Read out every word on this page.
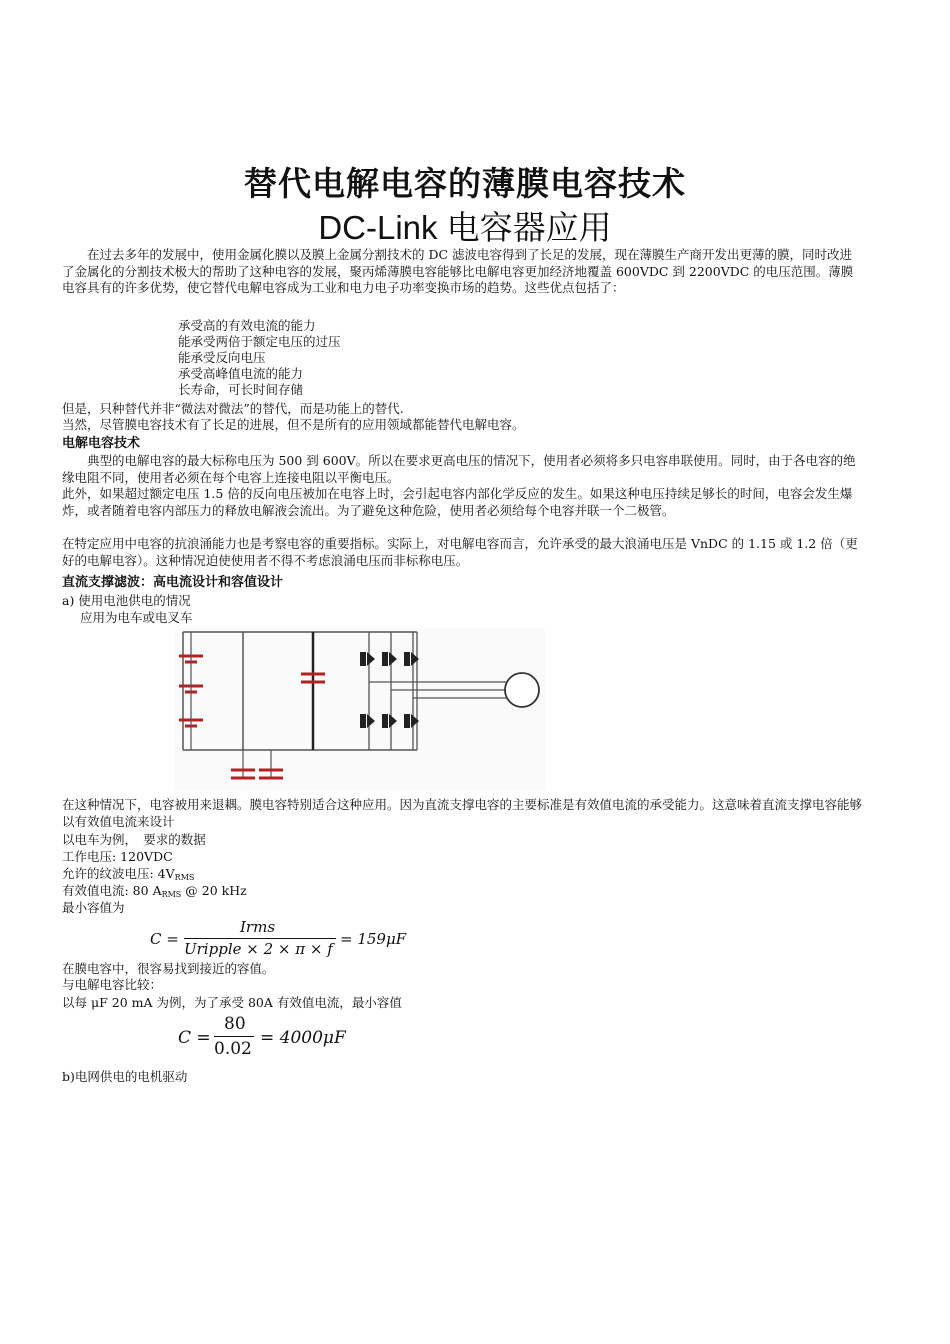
替代电解电容的薄膜电容技术
DC-Link 电容器应用
　　在过去多年的发展中，使用金属化膜以及膜上金属分割技术的 DC 滤波电容得到了长足的发展，现在薄膜生产商开发出更薄的膜，同时改进了金属化的分割技术极大的帮助了这种电容的发展，聚丙烯薄膜电容能够比电解电容更加经济地覆盖 600VDC 到 2200VDC 的电压范围。薄膜电容具有的许多优势，使它替代电解电容成为工业和电力电子功率变换市场的趋势。这些优点包括了：
承受高的有效电流的能力
能承受两倍于额定电压的过压
能承受反向电压
承受高峰值电流的能力
长寿命，可长时间存储
但是，只种替代并非“微法对微法”的替代，而是功能上的替代.
当然，尽管膜电容技术有了长足的进展，但不是所有的应用领域都能替代电解电容。
电解电容技术
　　典型的电解电容的最大标称电压为 500 到 600V。所以在要求更高电压的情况下，使用者必须将多只电容串联使用。同时，由于各电容的绝缘电阻不同，使用者必须在每个电容上连接电阻以平衡电压。
此外，如果超过额定电压 1.5 倍的反向电压被加在电容上时，会引起电容内部化学反应的发生。如果这种电压持续足够长的时间，电容会发生爆炸，或者随着电容内部压力的释放电解液会流出。为了避免这种危险，使用者必须给每个电容并联一个二极管。
在特定应用中电容的抗浪涌能力也是考察电容的重要指标。实际上，对电解电容而言，允许承受的最大浪涌电压是 VnDC 的 1.15 或 1.2 倍（更好的电解电容）。这种情况迫使使用者不得不考虑浪涌电压而非标称电压。
直流支撑滤波：高电流设计和容值设计
a) 使用电池供电的情况
应用为电车或电叉车
在这种情况下，电容被用来退耦。膜电容特别适合这种应用。因为直流支撑电容的主要标准是有效值电流的承受能力。这意味着直流支撑电容能够以有效值电流来设计
以电车为例，　要求的数据
工作电压: 120VDC
允许的纹波电压: $4V_{RMS}$
有效值电流: 80 $A_{RMS}$ @ 20 kHz
最小容值为
C =
Irms
Uripple × 2 × π × f
= 159μF
在膜电容中，很容易找到接近的容值。
与电解电容比较：
以每 μF 20 mA 为例，为了承受 80A 有效值电流，最小容值
C =
80
0.02
= 4000μF
b)电网供电的电机驱动
